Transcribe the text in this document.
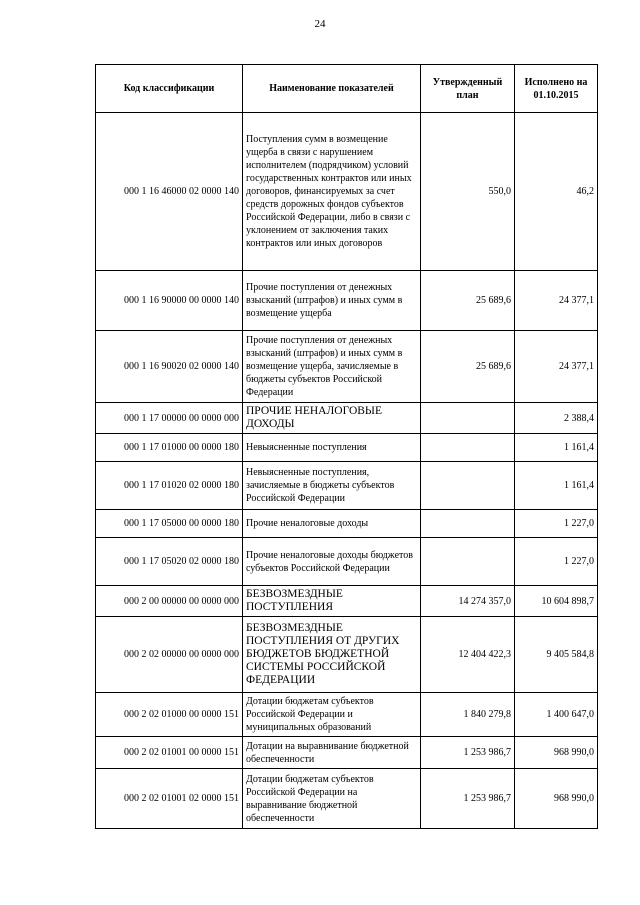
24
Код классификации	Наименование показателей	Утвержденный план	Исполнено на 01.10.2015
000 1 16 46000 02 0000 140	Поступления сумм в возмещение ущерба в связи с нарушением исполнителем (подрядчиком) условий государственных контрактов или иных договоров, финансируемых за счет средств дорожных фондов субъектов Российской Федерации, либо в связи с уклонением от заключения таких контрактов или иных договоров	550,0	46,2
000 1 16 90000 00 0000 140	Прочие поступления от денежных взысканий (штрафов) и иных сумм в возмещение ущерба	25 689,6	24 377,1
000 1 16 90020 02 0000 140	Прочие поступления от денежных взысканий (штрафов) и иных сумм в возмещение ущерба, зачисляемые в бюджеты субъектов Российской Федерации	25 689,6	24 377,1
000 1 17 00000 00 0000 000	ПРОЧИЕ НЕНАЛОГОВЫЕ ДОХОДЫ		2 388,4
000 1 17 01000 00 0000 180	Невыясненные поступления		1 161,4
000 1 17 01020 02 0000 180	Невыясненные поступления, зачисляемые в бюджеты субъектов Российской Федерации		1 161,4
000 1 17 05000 00 0000 180	Прочие неналоговые доходы		1 227,0
000 1 17 05020 02 0000 180	Прочие неналоговые доходы бюджетов субъектов Российской Федерации		1 227,0
000 2 00 00000 00 0000 000	БЕЗВОЗМЕЗДНЫЕ ПОСТУПЛЕНИЯ	14 274 357,0	10 604 898,7
000 2 02 00000 00 0000 000	БЕЗВОЗМЕЗДНЫЕ ПОСТУПЛЕНИЯ ОТ ДРУГИХ БЮДЖЕТОВ БЮДЖЕТНОЙ СИСТЕМЫ РОССИЙСКОЙ ФЕДЕРАЦИИ	12 404 422,3	9 405 584,8
000 2 02 01000 00 0000 151	Дотации бюджетам субъектов Российской Федерации и муниципальных образований	1 840 279,8	1 400 647,0
000 2 02 01001 00 0000 151	Дотации на выравнивание бюджетной обеспеченности	1 253 986,7	968 990,0
000 2 02 01001 02 0000 151	Дотации бюджетам субъектов Российской Федерации на выравнивание бюджетной обеспеченности	1 253 986,7	968 990,0
